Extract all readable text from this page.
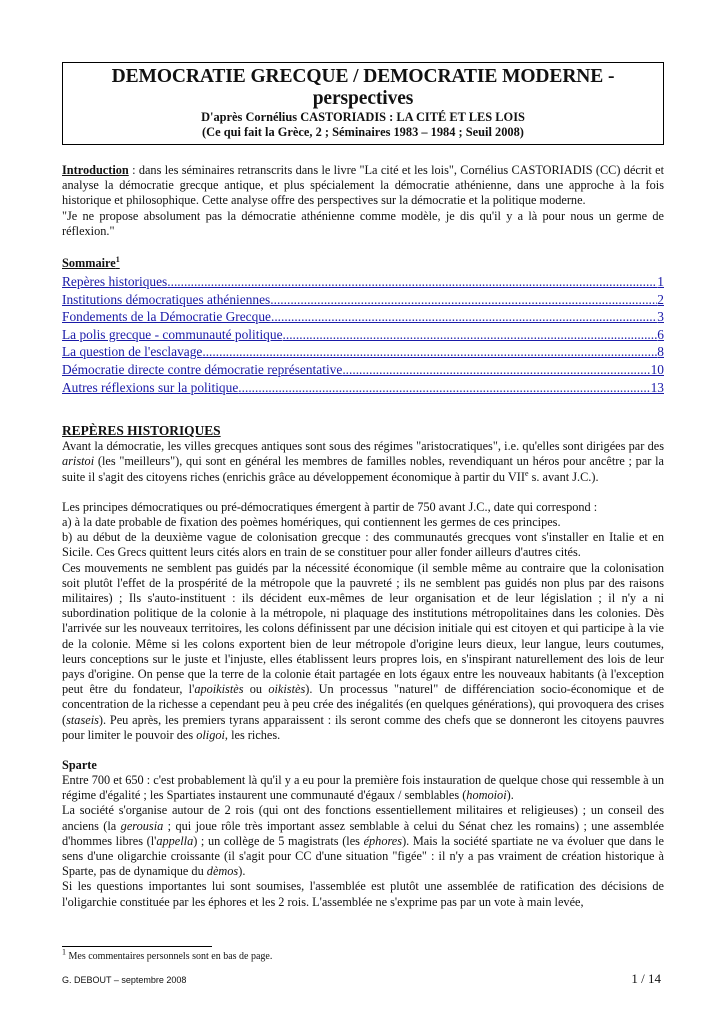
DEMOCRATIE GRECQUE / DEMOCRATIE MODERNE - perspectives
D'après Cornélius CASTORIADIS : LA CITÉ ET LES LOIS
(Ce qui fait la Grèce, 2 ; Séminaires 1983 – 1984 ; Seuil 2008)

Introduction : dans les séminaires retranscrits dans le livre "La cité et les lois", Cornélius CASTORIADIS (CC) décrit et analyse la démocratie grecque antique, et plus spécialement la démocratie athénienne, dans une approche à la fois historique et philosophique. Cette analyse offre des perspectives sur la démocratie et la politique moderne.

"Je ne propose absolument pas la démocratie athénienne comme modèle, je dis qu'il y a là pour nous un germe de réflexion."

Sommaire$^1$
Repères historiques .....	1
Institutions démocratiques athéniennes .....	2
Fondements de la Démocratie Grecque .....	3
La polis grecque - communauté politique .....	6
La question de l'esclavage .....	8
Démocratie directe contre démocratie représentative .....	10
Autres réflexions sur la politique .....	13
REPÈRES HISTORIQUES

Avant la démocratie, les villes grecques antiques sont sous des régimes "aristocratiques", i.e. qu'elles sont dirigées par des aristoi (les "meilleurs"), qui sont en général les membres de familles nobles, revendiquant un héros pour ancêtre ; par la suite il s'agit des citoyens riches (enrichis grâce au développement économique à partir du VIIe s. avant J.C.).

Les principes démocratiques ou pré-démocratiques émergent à partir de 750 avant J.C., date qui correspond :

a) à la date probable de fixation des poèmes homériques, qui contiennent les germes de ces principes.

b) au début de la deuxième vague de colonisation grecque : des communautés grecques vont s'installer en Italie et en Sicile. Ces Grecs quittent leurs cités alors en train de se constituer pour aller fonder ailleurs d'autres cités.

Ces mouvements ne semblent pas guidés par la nécessité économique (il semble même au contraire que la colonisation soit plutôt l'effet de la prospérité de la métropole que la pauvreté ; ils ne semblent pas guidés non plus par des raisons militaires) ; Ils s'auto-instituent : ils décident eux-mêmes de leur organisation et de leur législation ; il n'y a ni subordination politique de la colonie à la métropole, ni plaquage des institutions métropolitaines dans les colonies. Dès l'arrivée sur les nouveaux territoires, les colons définissent par une décision initiale qui est citoyen et qui participe à la vie de la colonie. Même si les colons exportent bien de leur métropole d'origine leurs dieux, leur langue, leurs coutumes, leurs conceptions sur le juste et l'injuste, elles établissent leurs propres lois, en s'inspirant naturellement des lois de leur pays d'origine. On pense que la terre de la colonie était partagée en lots égaux entre les nouveaux habitants (à l'exception peut être du fondateur, l'apoikistès ou oikistès). Un processus "naturel" de différenciation socio-économique et de concentration de la richesse a cependant peu à peu crée des inégalités (en quelques générations), qui provoquera des crises (staseis). Peu après, les premiers tyrans apparaissent : ils seront comme des chefs que se donneront les citoyens pauvres pour limiter le pouvoir des oligoi, les riches.

Sparte

Entre 700 et 650 : c'est probablement là qu'il y a eu pour la première fois instauration de quelque chose qui ressemble à un régime d'égalité ; les Spartiates instaurent une communauté d'égaux / semblables (homoioi).

La société s'organise autour de 2 rois (qui ont des fonctions essentiellement militaires et religieuses) ; un conseil des anciens (la gerousia ; qui joue rôle très important assez semblable à celui du Sénat chez les romains) ; une assemblée d'hommes libres (l'appella) ; un collège de 5 magistrats (les éphores). Mais la société spartiate ne va évoluer que dans le sens d'une oligarchie croissante (il s'agit pour CC d'une situation "figée" : il n'y a pas vraiment de création historique à Sparte, pas de dynamique du dèmos).

Si les questions importantes lui sont soumises, l'assemblée est plutôt une assemblée de ratification des décisions de l'oligarchie constituée par les éphores et les 2 rois. L'assemblée ne s'exprime pas par un vote à main levée,

$^1$ Mes commentaires personnels sont en bas de page.
G. DEBOUT – septembre 2008	1 / 14
